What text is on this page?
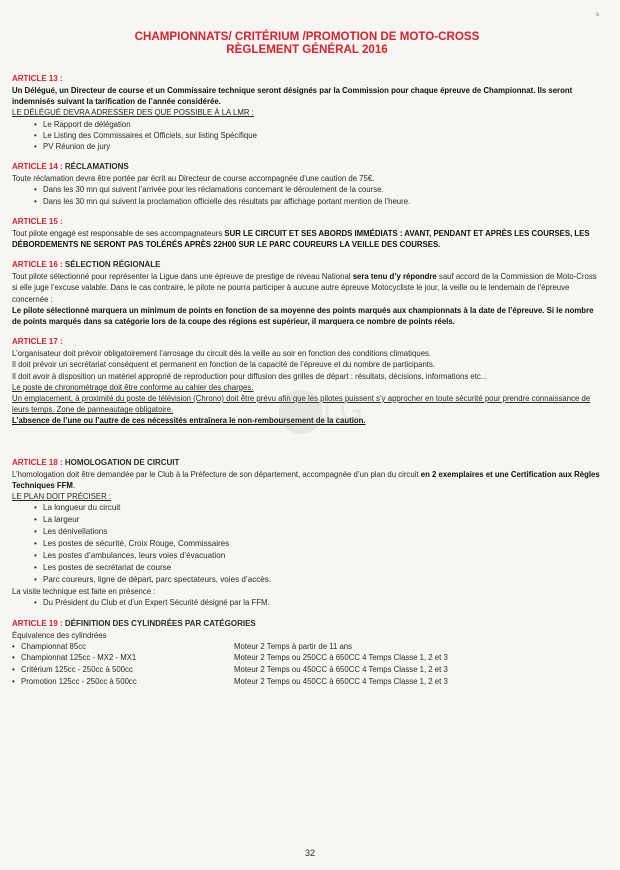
s
CHAMPIONNATS/ CRITÉRIUM /PROMOTION DE MOTO-CROSS
RÈGLEMENT GÉNÉRAL 2016
ARTICLE 13 :

Un Délégué, un Directeur de course et un Commissaire technique seront désignés par la Commission pour chaque épreuve de Championnat. Ils seront indemnisés suivant la tarification de l’année considérée.

LE DÉLÉGUÉ DEVRA ADRESSER DES QUE POSSIBLE À LA LMR :

• Le Rapport de délégation
• Le Listing des Commissaires et Officiels, sur listing Spécifique
• PV Réunion de jury
ARTICLE 14 : RÉCLAMATIONS

Toute réclamation devra être portée par écrit au Directeur de course accompagnée d’une caution de 75€.

• Dans les 30 mn qui suivent l’arrivée pour les réclamations concernant le déroulement de la course.
• Dans les 30 mn qui suivent la proclamation officielle des résultats par affichage portant mention de l’heure.
ARTICLE 15 :

Tout pilote engagé est responsable de ses accompagnateurs SUR LE CIRCUIT ET SES ABORDS IMMÉDIATS : AVANT, PENDANT ET APRÈS LES COURSES, LES DÉBORDEMENTS NE SERONT PAS TOLÉRÉS APRÈS 22H00 SUR LE PARC COUREURS LA VEILLE DES COURSES.

ARTICLE 16 : SÉLECTION RÉGIONALE

Tout pilote sélectionné pour représenter la Ligue dans une épreuve de prestige de niveau National sera tenu d’y répondre sauf accord de la Commission de Moto-Cross si elle juge l’excuse valable. Dans le cas contraire, le pilote ne pourra participer à aucune autre épreuve Motocycliste le jour, la veille ou le lendemain de l’épreuve concernée :

Le pilote sélectionné marquera un minimum de points en fonction de sa moyenne des points marqués aux championnats à la date de l’épreuve. Si le nombre de points marqués dans sa catégorie lors de la coupe des régions est supérieur, il marquera ce nombre de points réels.

ARTICLE 17 :

L’organisateur doit prévoir obligatoirement l’arrosage du circuit dès la veille au soir en fonction des conditions climatiques.

Il doit prévoir un secrétariat conséquent et permanent en fonction de la capacité de l’épreuve et du nombre de participants.

Il doit avoir à disposition un matériel approprié de reproduction pour diffusion des grilles de départ : résultats, décisions, informations etc...

Le poste de chronométrage doit être conforme au cahier des charges.

Un emplacement, à proximité du poste de télévision (Chrono) doit être prévu afin que les pilotes puissent s’y approcher en toute sécurité pour prendre connaissance de leurs temps. Zone de panneautage obligatoire.

L’absence de l’une ou l’autre de ces nécessités entraînera le non-remboursement de la caution.

ARTICLE 18 : HOMOLOGATION DE CIRCUIT

L’homologation doit être demandée par le Club à la Préfecture de son département, accompagnée d’un plan du circuit en 2 exemplaires et une Certification aux Règles Techniques FFM.

LE PLAN DOIT PRÉCISER :

• La longueur du circuit
• La largeur
• Les dénivellations
• Les postes de sécurité, Croix Rouge, Commissaires
• Les postes d’ambulances, leurs voies d’évacuation
• Les postes de secrétariat de course
• Parc coureurs, ligne de départ, parc spectateurs, voies d’accès.

La visite technique est faite en présence :

• Du Président du Club et d’un Expert Sécurité désigné par la FFM.
ARTICLE 19 : DÉFINITION DES CYLINDRÉES PAR CATÉGORIES

Équivalence des cylindrées

• Championnat 85cc	Moteur 2 Temps à partir de 11 ans
• Championnat 125cc - MX2 - MX1	Moteur 2 Temps ou 250CC à 650CC 4 Temps Classe 1, 2 et 3
• Critérium 125cc - 250cc à 500cc	Moteur 2 Temps ou 450CC à 650CC 4 Temps Classe 1, 2 et 3
• Promotion 125cc - 250cc à 500cc	Moteur 2 Temps ou 450CC à 650CC 4 Temps Classe 1, 2 et 3
32
LG
